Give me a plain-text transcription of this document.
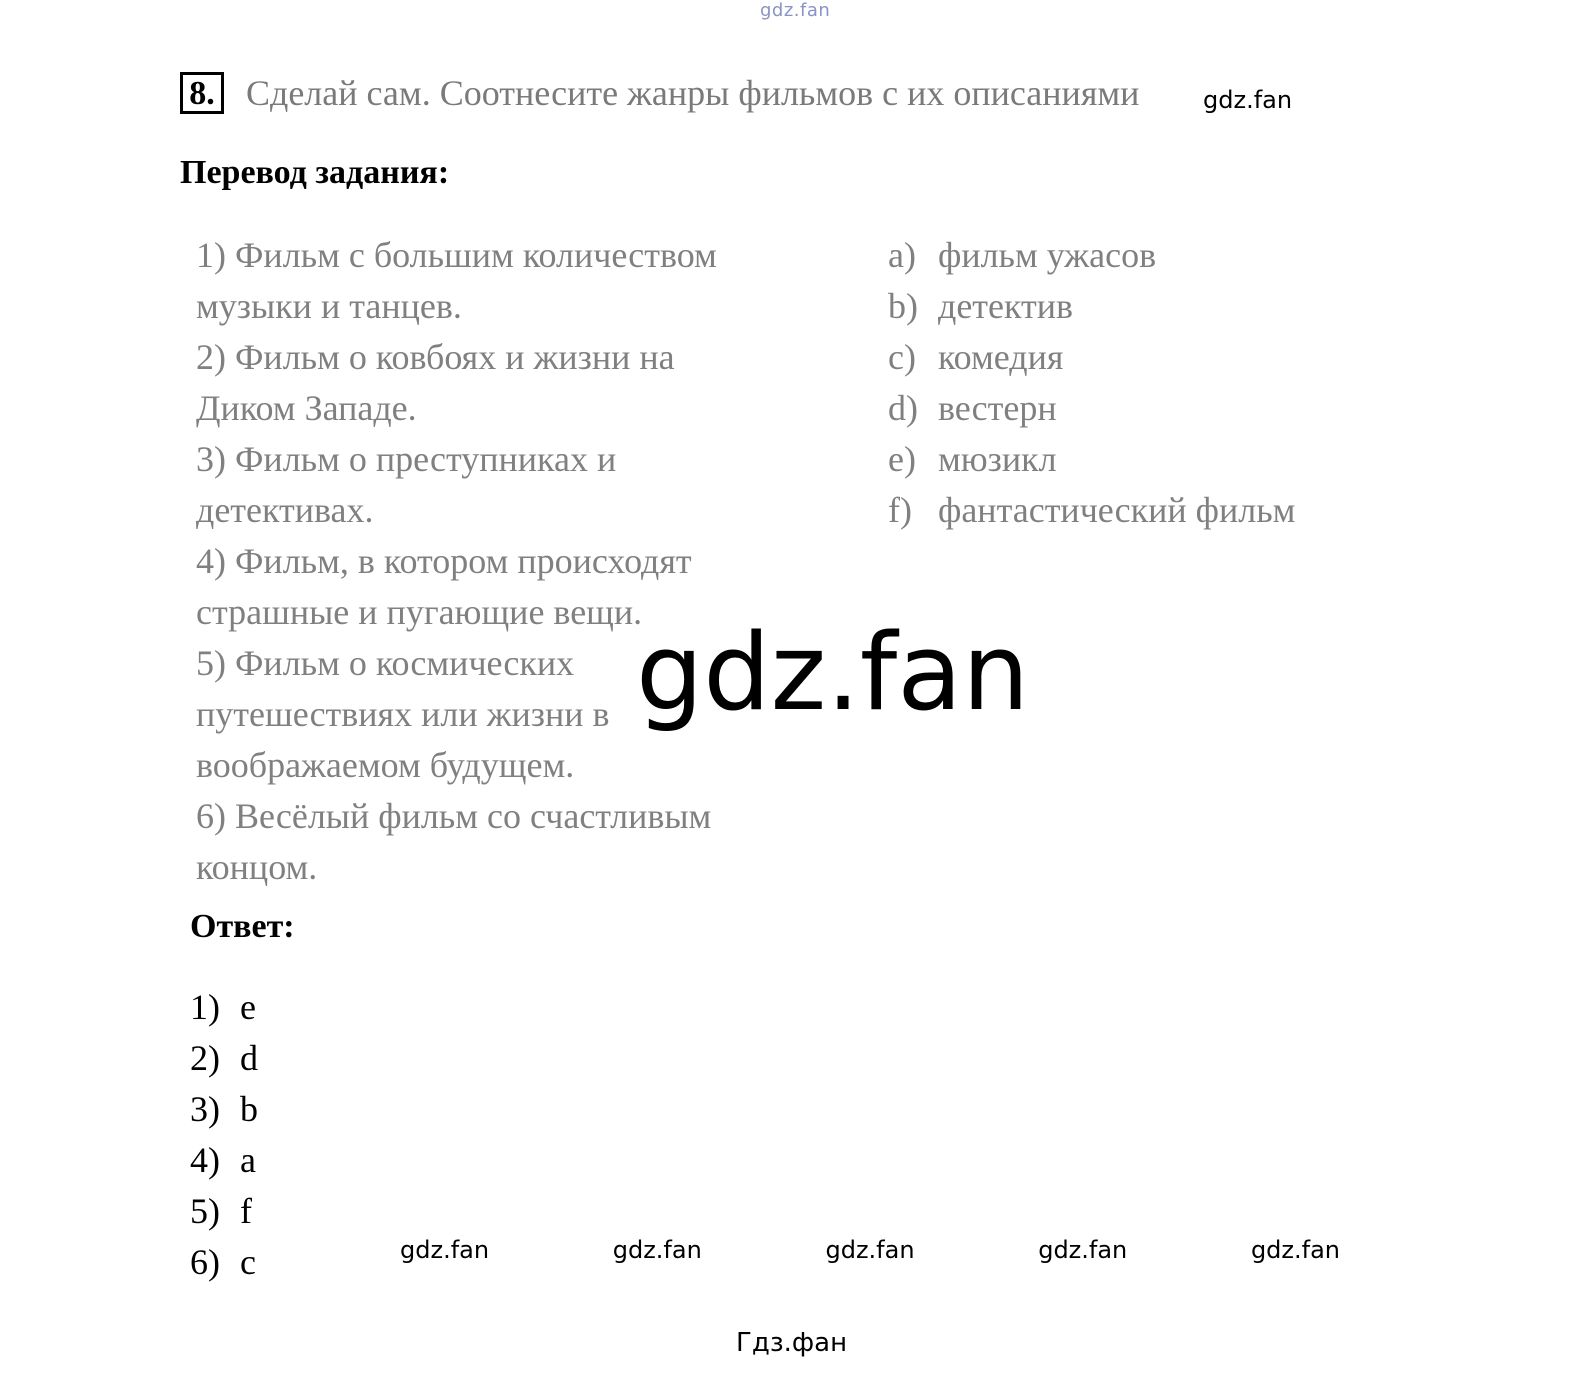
gdz.fan
8. Сделай сам. Соотнесите жанры фильмов с их описаниями	gdz.fan
Перевод задания:
1) Фильм с большим количеством
музыки и танцев.
2) Фильм о ковбоях и жизни на
Диком Западе.
3) Фильм о преступниках и
детективах.
4) Фильм, в котором происходят
страшные и пугающие вещи.
5) Фильм о космических
путешествиях или жизни в
воображаемом будущем.
6) Весёлый фильм со счастливым
концом.
a) фильм ужасов
b) детектив
c) комедия
d) вестерн
e) мюзикл
f) фантастический фильм
gdz.fan
Ответ:
1) e
2) d
3) b
4) a
5) f
6) c	gdz.fan	gdz.fan	gdz.fan	gdz.fan	gdz.fan
Гдз.фан
